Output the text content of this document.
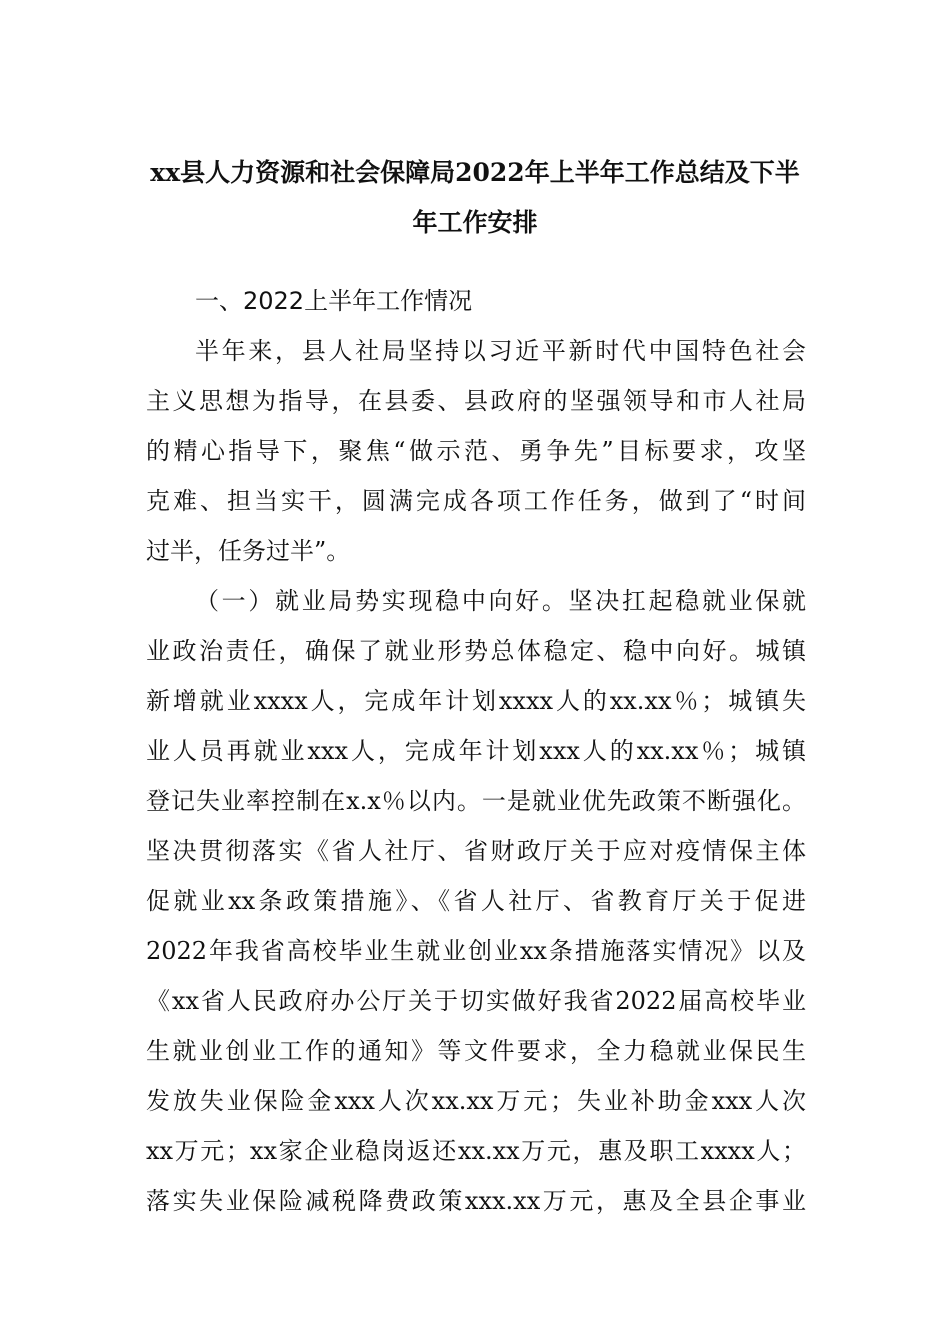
xx县人力资源和社会保障局2022年上半年工作总结及下半
年工作安排
一、2022上半年工作情况
半年来，县人社局坚持以习近平新时代中国特色社会
主义思想为指导，在县委、县政府的坚强领导和市人社局
的精心指导下，聚焦“做示范、勇争先”目标要求，攻坚
克难、担当实干，圆满完成各项工作任务，做到了“时间
过半，任务过半”。
（一）就业局势实现稳中向好。坚决扛起稳就业保就
业政治责任，确保了就业形势总体稳定、稳中向好。城镇
新增就业xxxx人，完成年计划xxxx人的xx.xx％；城镇失
业人员再就业xxx人，完成年计划xxx人的xx.xx％；城镇
登记失业率控制在x.x％以内。一是就业优先政策不断强化。
坚决贯彻落实《省人社厅、省财政厅关于应对疫情保主体
促就业xx条政策措施》、《省人社厅、省教育厅关于促进
2022年我省高校毕业生就业创业xx条措施落实情况》以及
《xx省人民政府办公厅关于切实做好我省2022届高校毕业
生就业创业工作的通知》等文件要求，全力稳就业保民生
发放失业保险金xxx人次xx.xx万元；失业补助金xxx人次
xx万元；xx家企业稳岗返还xx.xx万元，惠及职工xxxx人；
落实失业保险减税降费政策xxx.xx万元，惠及全县企事业
